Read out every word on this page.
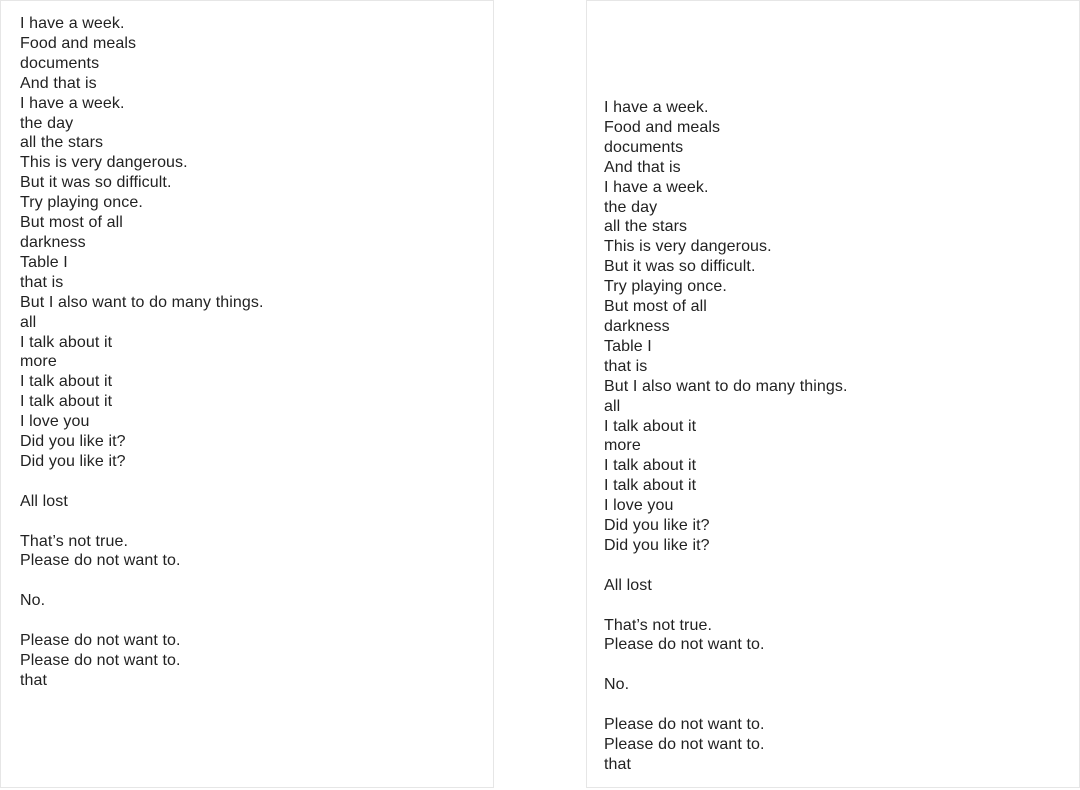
I have a week.
Food and meals
documents
And that is
I have a week.
the day
all the stars
This is very dangerous.
But it was so difficult.
Try playing once.
But most of all
darkness
Table I
that is
But I also want to do many things.
all
I talk about it
more
I talk about it
I talk about it
I love you
Did you like it?
Did you like it?
All lost
That’s not true.
Please do not want to.
No.
Please do not want to.
Please do not want to.
that
I have a week.
Food and meals
documents
And that is
I have a week.
the day
all the stars
This is very dangerous.
But it was so difficult.
Try playing once.
But most of all
darkness
Table I
that is
But I also want to do many things.
all
I talk about it
more
I talk about it
I talk about it
I love you
Did you like it?
Did you like it?
All lost
That’s not true.
Please do not want to.
No.
Please do not want to.
Please do not want to.
that
